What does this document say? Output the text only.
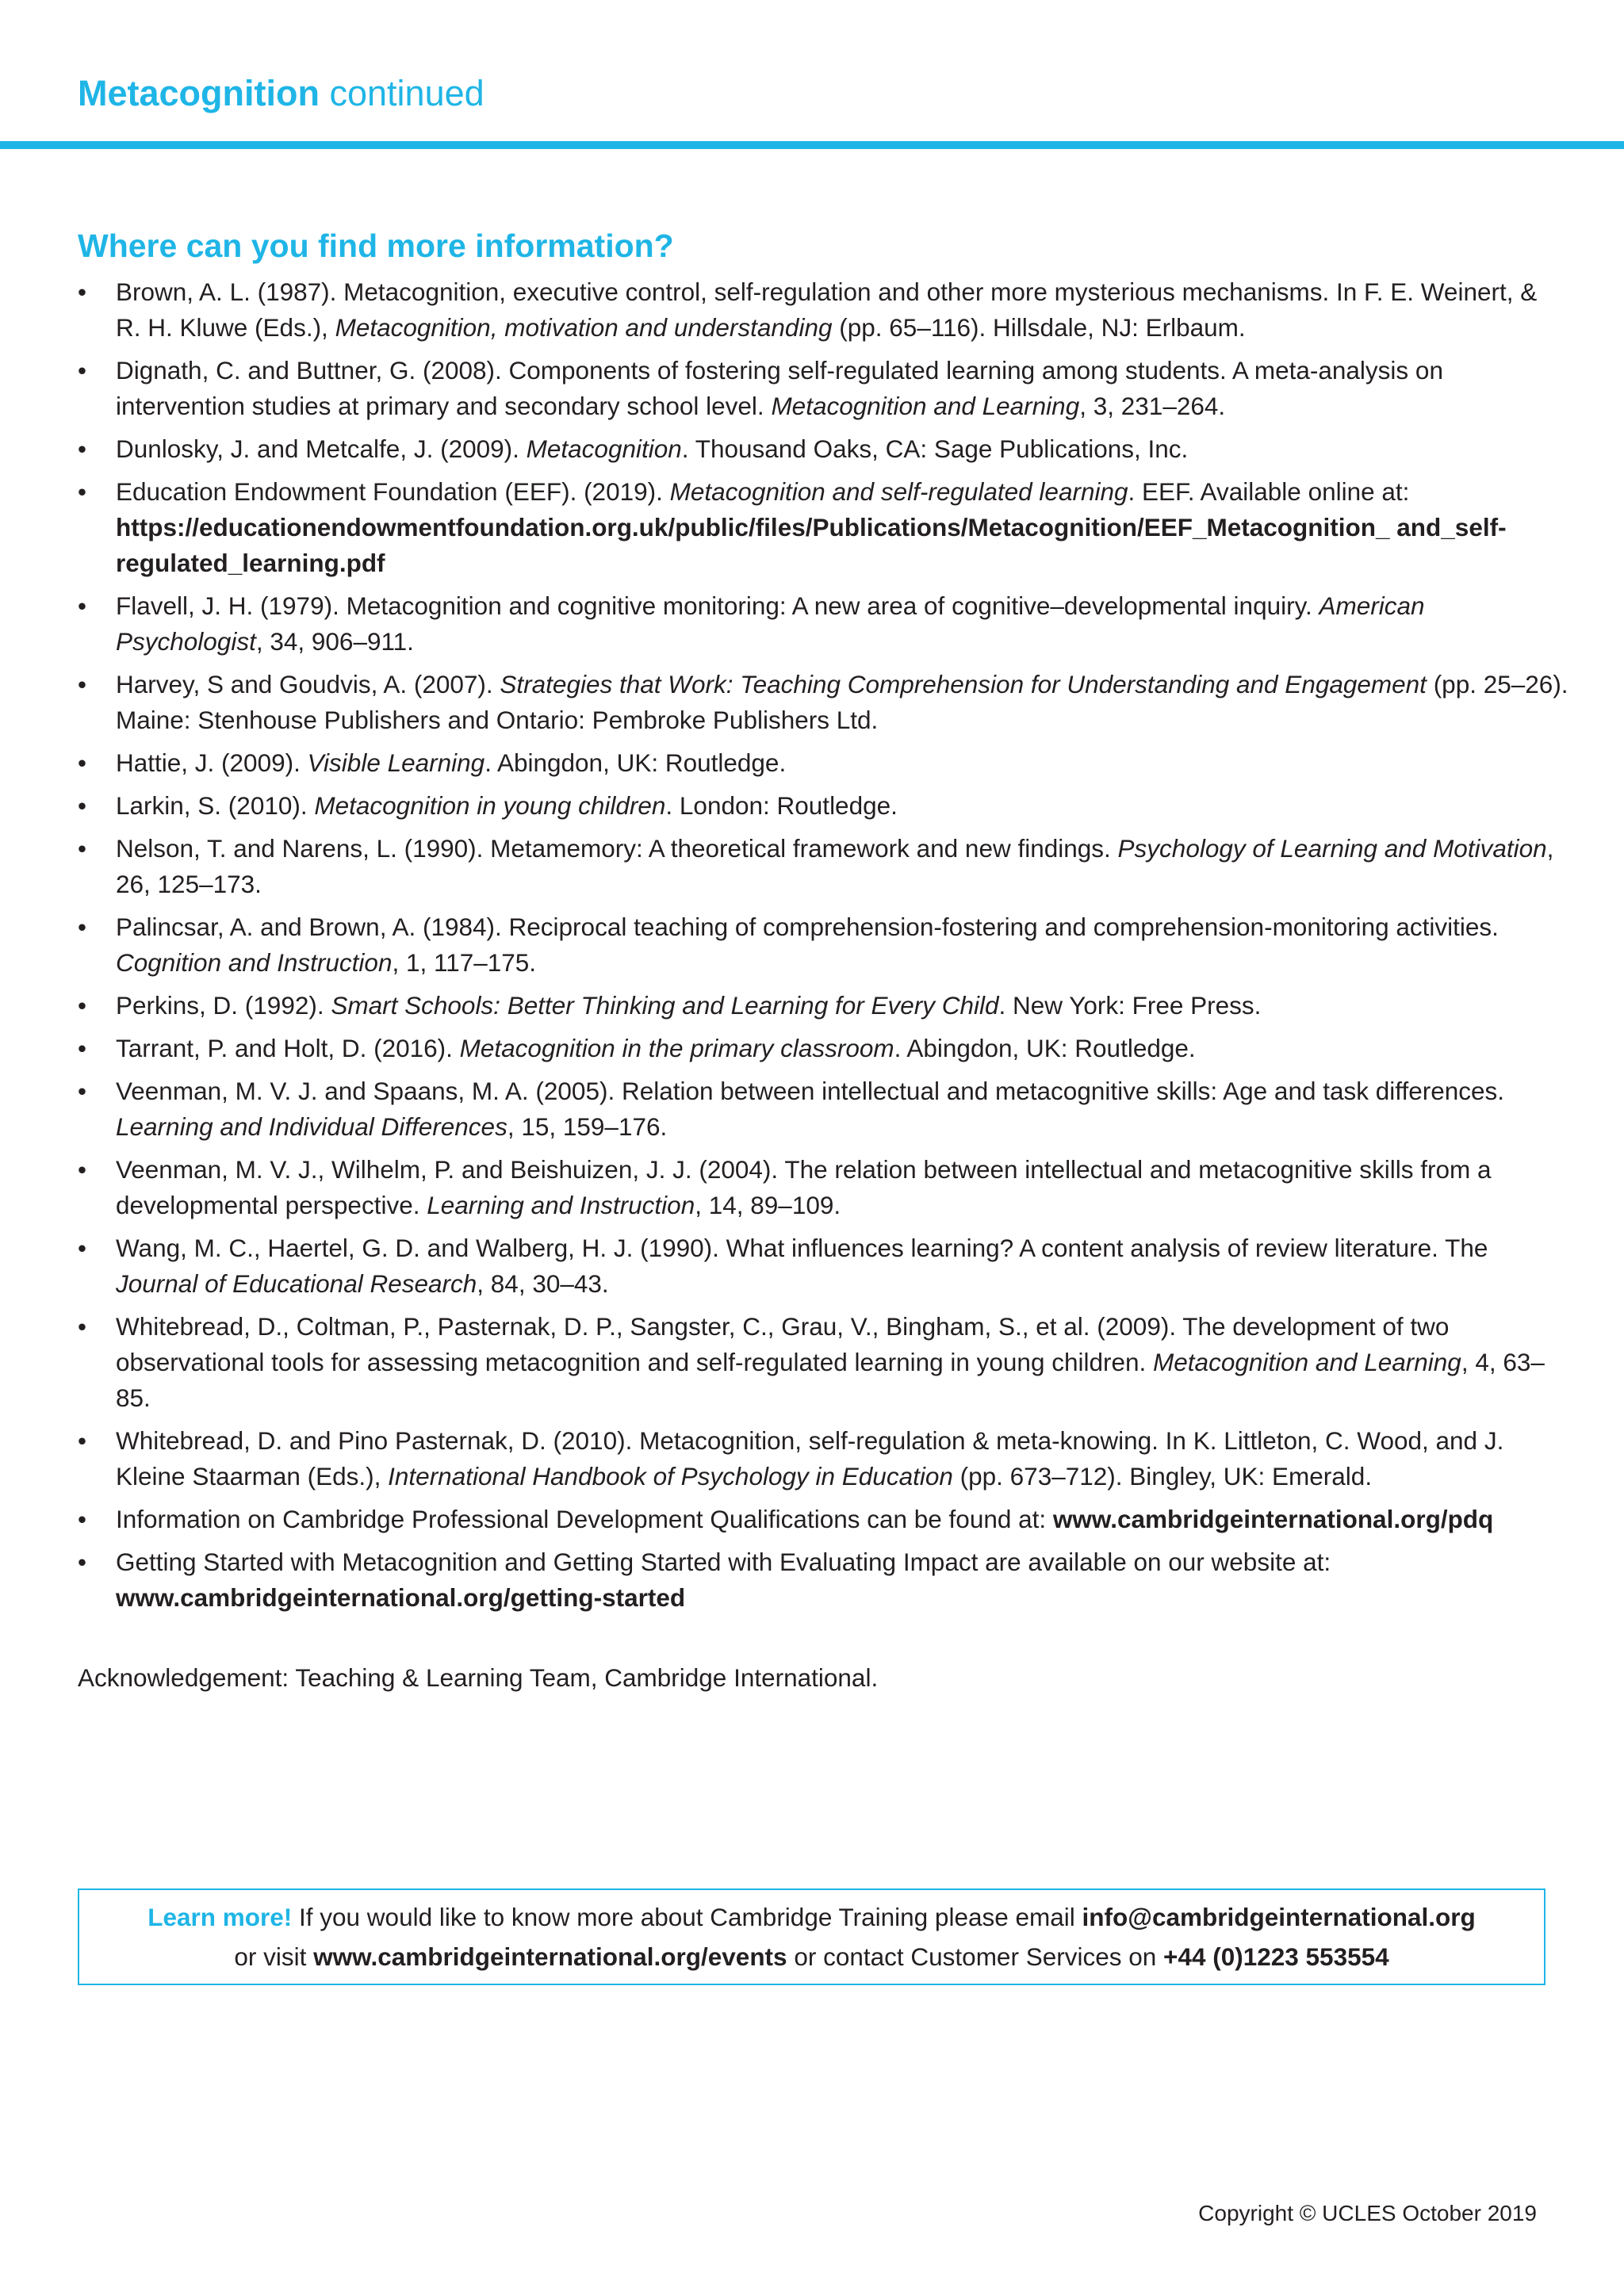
Metacognition continued
Where can you find more information?
• Brown, A. L. (1987). Metacognition, executive control, self-regulation and other more mysterious mechanisms. In F. E. Weinert, & R. H. Kluwe (Eds.), Metacognition, motivation and understanding (pp. 65–116). Hillsdale, NJ: Erlbaum.
• Dignath, C. and Buttner, G. (2008). Components of fostering self-regulated learning among students. A meta-analysis on intervention studies at primary and secondary school level. Metacognition and Learning, 3, 231–264.
• Dunlosky, J. and Metcalfe, J. (2009). Metacognition. Thousand Oaks, CA: Sage Publications, Inc.
• Education Endowment Foundation (EEF). (2019). Metacognition and self-regulated learning. EEF. Available online at: https://educationendowmentfoundation.org.uk/public/files/Publications/Metacognition/EEF_Metacognition_ and_self-regulated_learning.pdf
• Flavell, J. H. (1979). Metacognition and cognitive monitoring: A new area of cognitive–developmental inquiry. American Psychologist, 34, 906–911.
• Harvey, S and Goudvis, A. (2007). Strategies that Work: Teaching Comprehension for Understanding and Engagement (pp. 25–26). Maine: Stenhouse Publishers and Ontario: Pembroke Publishers Ltd.
• Hattie, J. (2009). Visible Learning. Abingdon, UK: Routledge.
• Larkin, S. (2010). Metacognition in young children. London: Routledge.
• Nelson, T. and Narens, L. (1990). Metamemory: A theoretical framework and new findings. Psychology of Learning and Motivation, 26, 125–173.
• Palincsar, A. and Brown, A. (1984). Reciprocal teaching of comprehension-fostering and comprehension-monitoring activities. Cognition and Instruction, 1, 117–175.
• Perkins, D. (1992). Smart Schools: Better Thinking and Learning for Every Child. New York: Free Press.
• Tarrant, P. and Holt, D. (2016). Metacognition in the primary classroom. Abingdon, UK: Routledge.
• Veenman, M. V. J. and Spaans, M. A. (2005). Relation between intellectual and metacognitive skills: Age and task differences. Learning and Individual Differences, 15, 159–176.
• Veenman, M. V. J., Wilhelm, P. and Beishuizen, J. J. (2004). The relation between intellectual and metacognitive skills from a developmental perspective. Learning and Instruction, 14, 89–109.
• Wang, M. C., Haertel, G. D. and Walberg, H. J. (1990). What influences learning? A content analysis of review literature. The Journal of Educational Research, 84, 30–43.
• Whitebread, D., Coltman, P., Pasternak, D. P., Sangster, C., Grau, V., Bingham, S., et al. (2009). The development of two observational tools for assessing metacognition and self-regulated learning in young children. Metacognition and Learning, 4, 63–85.
• Whitebread, D. and Pino Pasternak, D. (2010). Metacognition, self-regulation & meta-knowing. In K. Littleton, C. Wood, and J. Kleine Staarman (Eds.), International Handbook of Psychology in Education (pp. 673–712). Bingley, UK: Emerald.
• Information on Cambridge Professional Development Qualifications can be found at: www.cambridgeinternational.org/pdq
• Getting Started with Metacognition and Getting Started with Evaluating Impact are available on our website at: www.cambridgeinternational.org/getting-started
Acknowledgement: Teaching & Learning Team, Cambridge International.
Learn more! If you would like to know more about Cambridge Training please email info@cambridgeinternational.org
or visit www.cambridgeinternational.org/events or contact Customer Services on +44 (0)1223 553554
Copyright © UCLES October 2019
